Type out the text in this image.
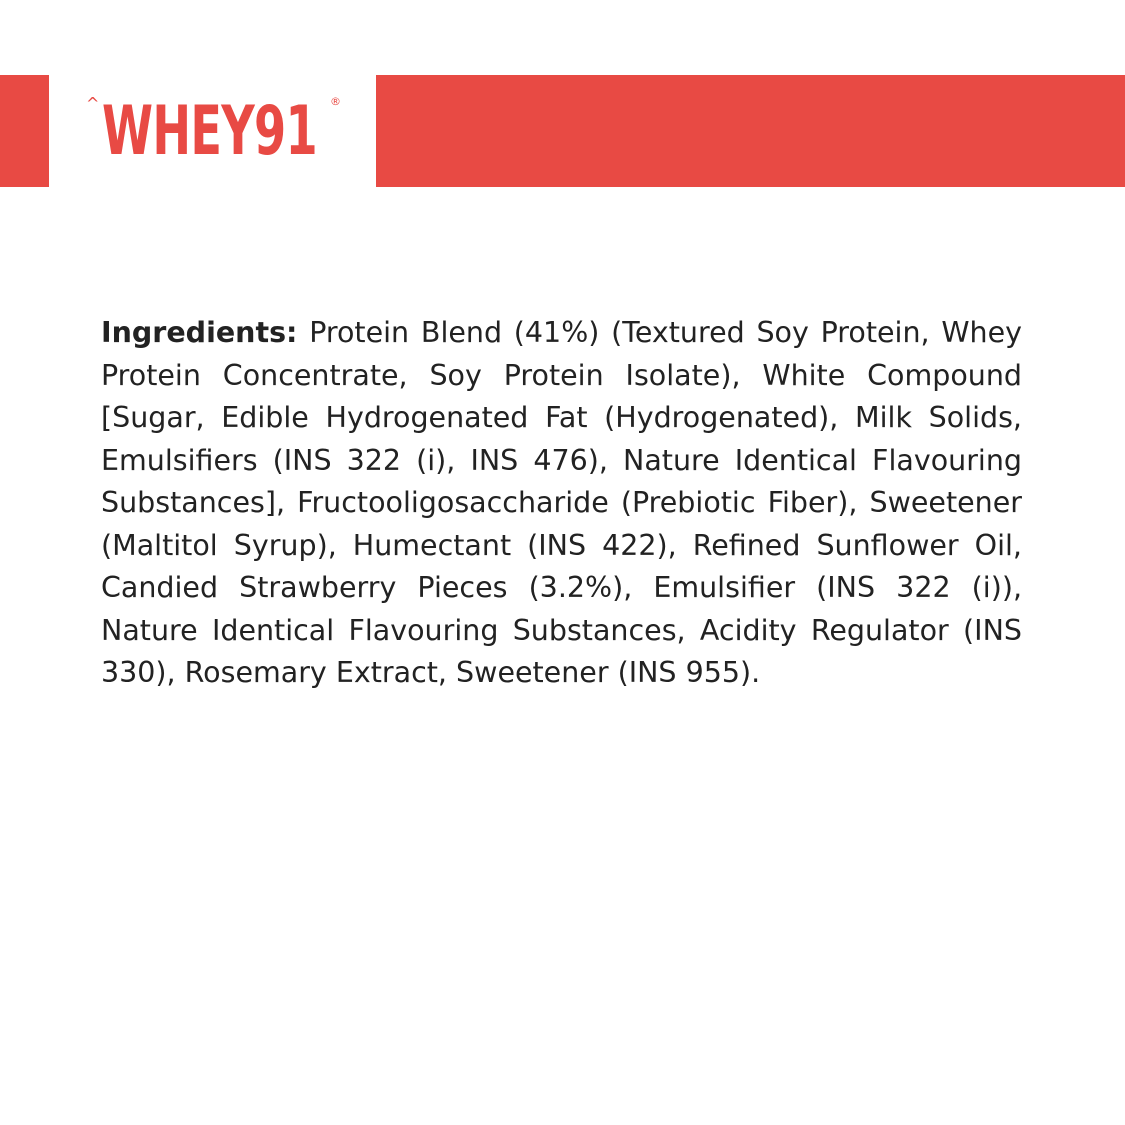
^ WHEY91 ®

Ingredients: Protein Blend (41%) (Textured Soy Protein, Whey Protein Concentrate, Soy Protein Isolate), White Compound [Sugar, Edible Hydrogenated Fat (Hydrogenated), Milk Solids, Emulsifiers (INS 322 (i), INS 476), Nature Identical Flavouring Substances], Fructooligosaccharide (Prebiotic Fiber), Sweetener (Maltitol Syrup), Humectant (INS 422), Refined Sunflower Oil, Candied Strawberry Pieces (3.2%), Emulsifier (INS 322 (i)), Nature Identical Flavouring Substances, Acidity Regulator (INS 330), Rosemary Extract, Sweetener (INS 955).
